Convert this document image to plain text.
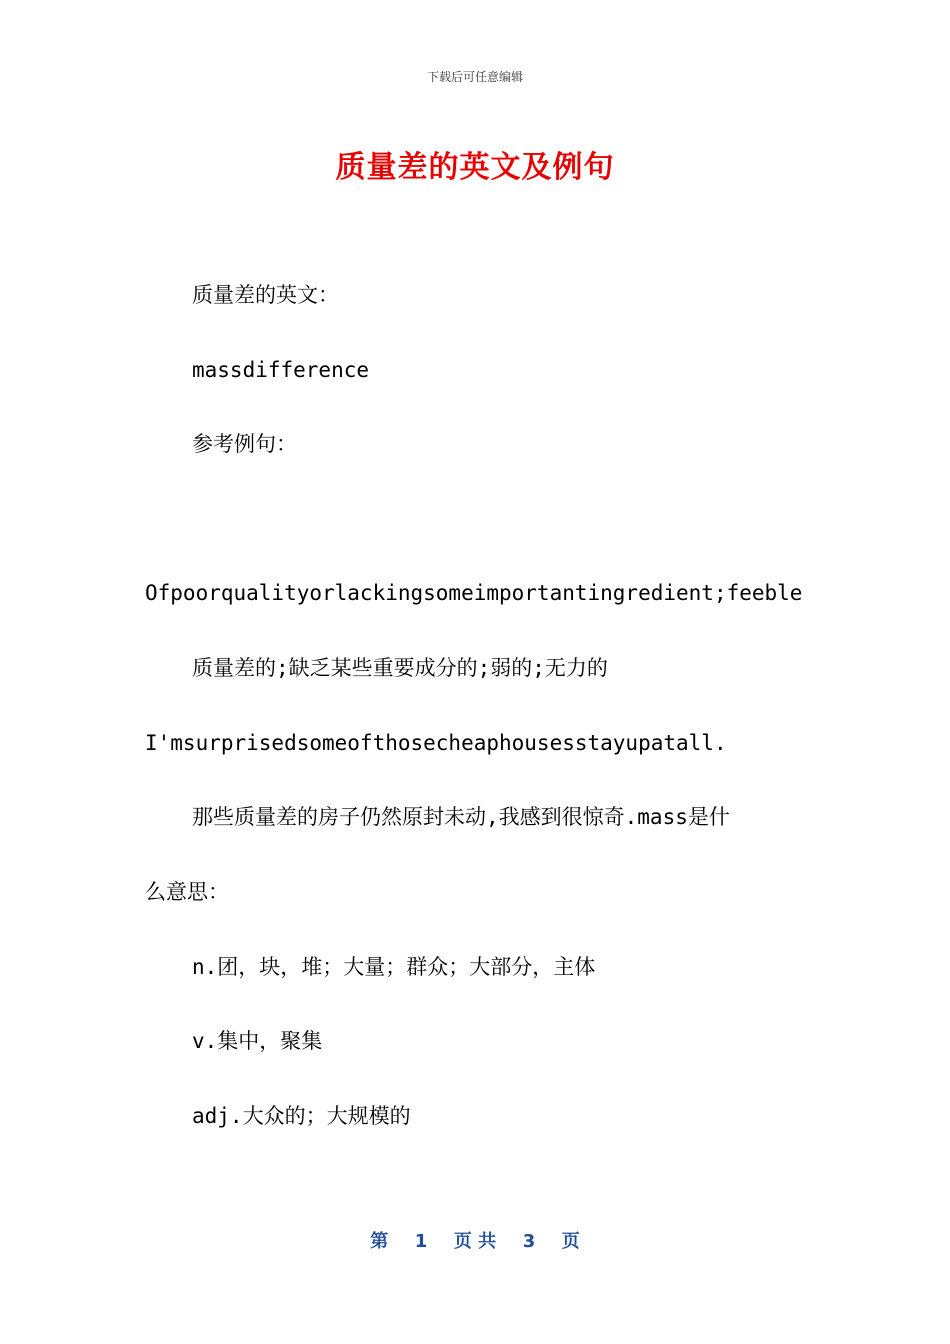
下载后可任意编辑
质量差的英文及例句
质量差的英文：
massdifference
参考例句：
Ofpoorqualityorlackingsomeimportantingredient;feeble
质量差的;缺乏某些重要成分的;弱的;无力的
I'msurprisedsomeofthosecheaphousesstayupatall.
那些质量差的房子仍然原封未动,我感到很惊奇.mass是什
么意思：
n.团，块，堆；大量；群众；大部分，主体
v.集中，聚集
adj.大众的；大规模的
第 1 页 共 3 页
